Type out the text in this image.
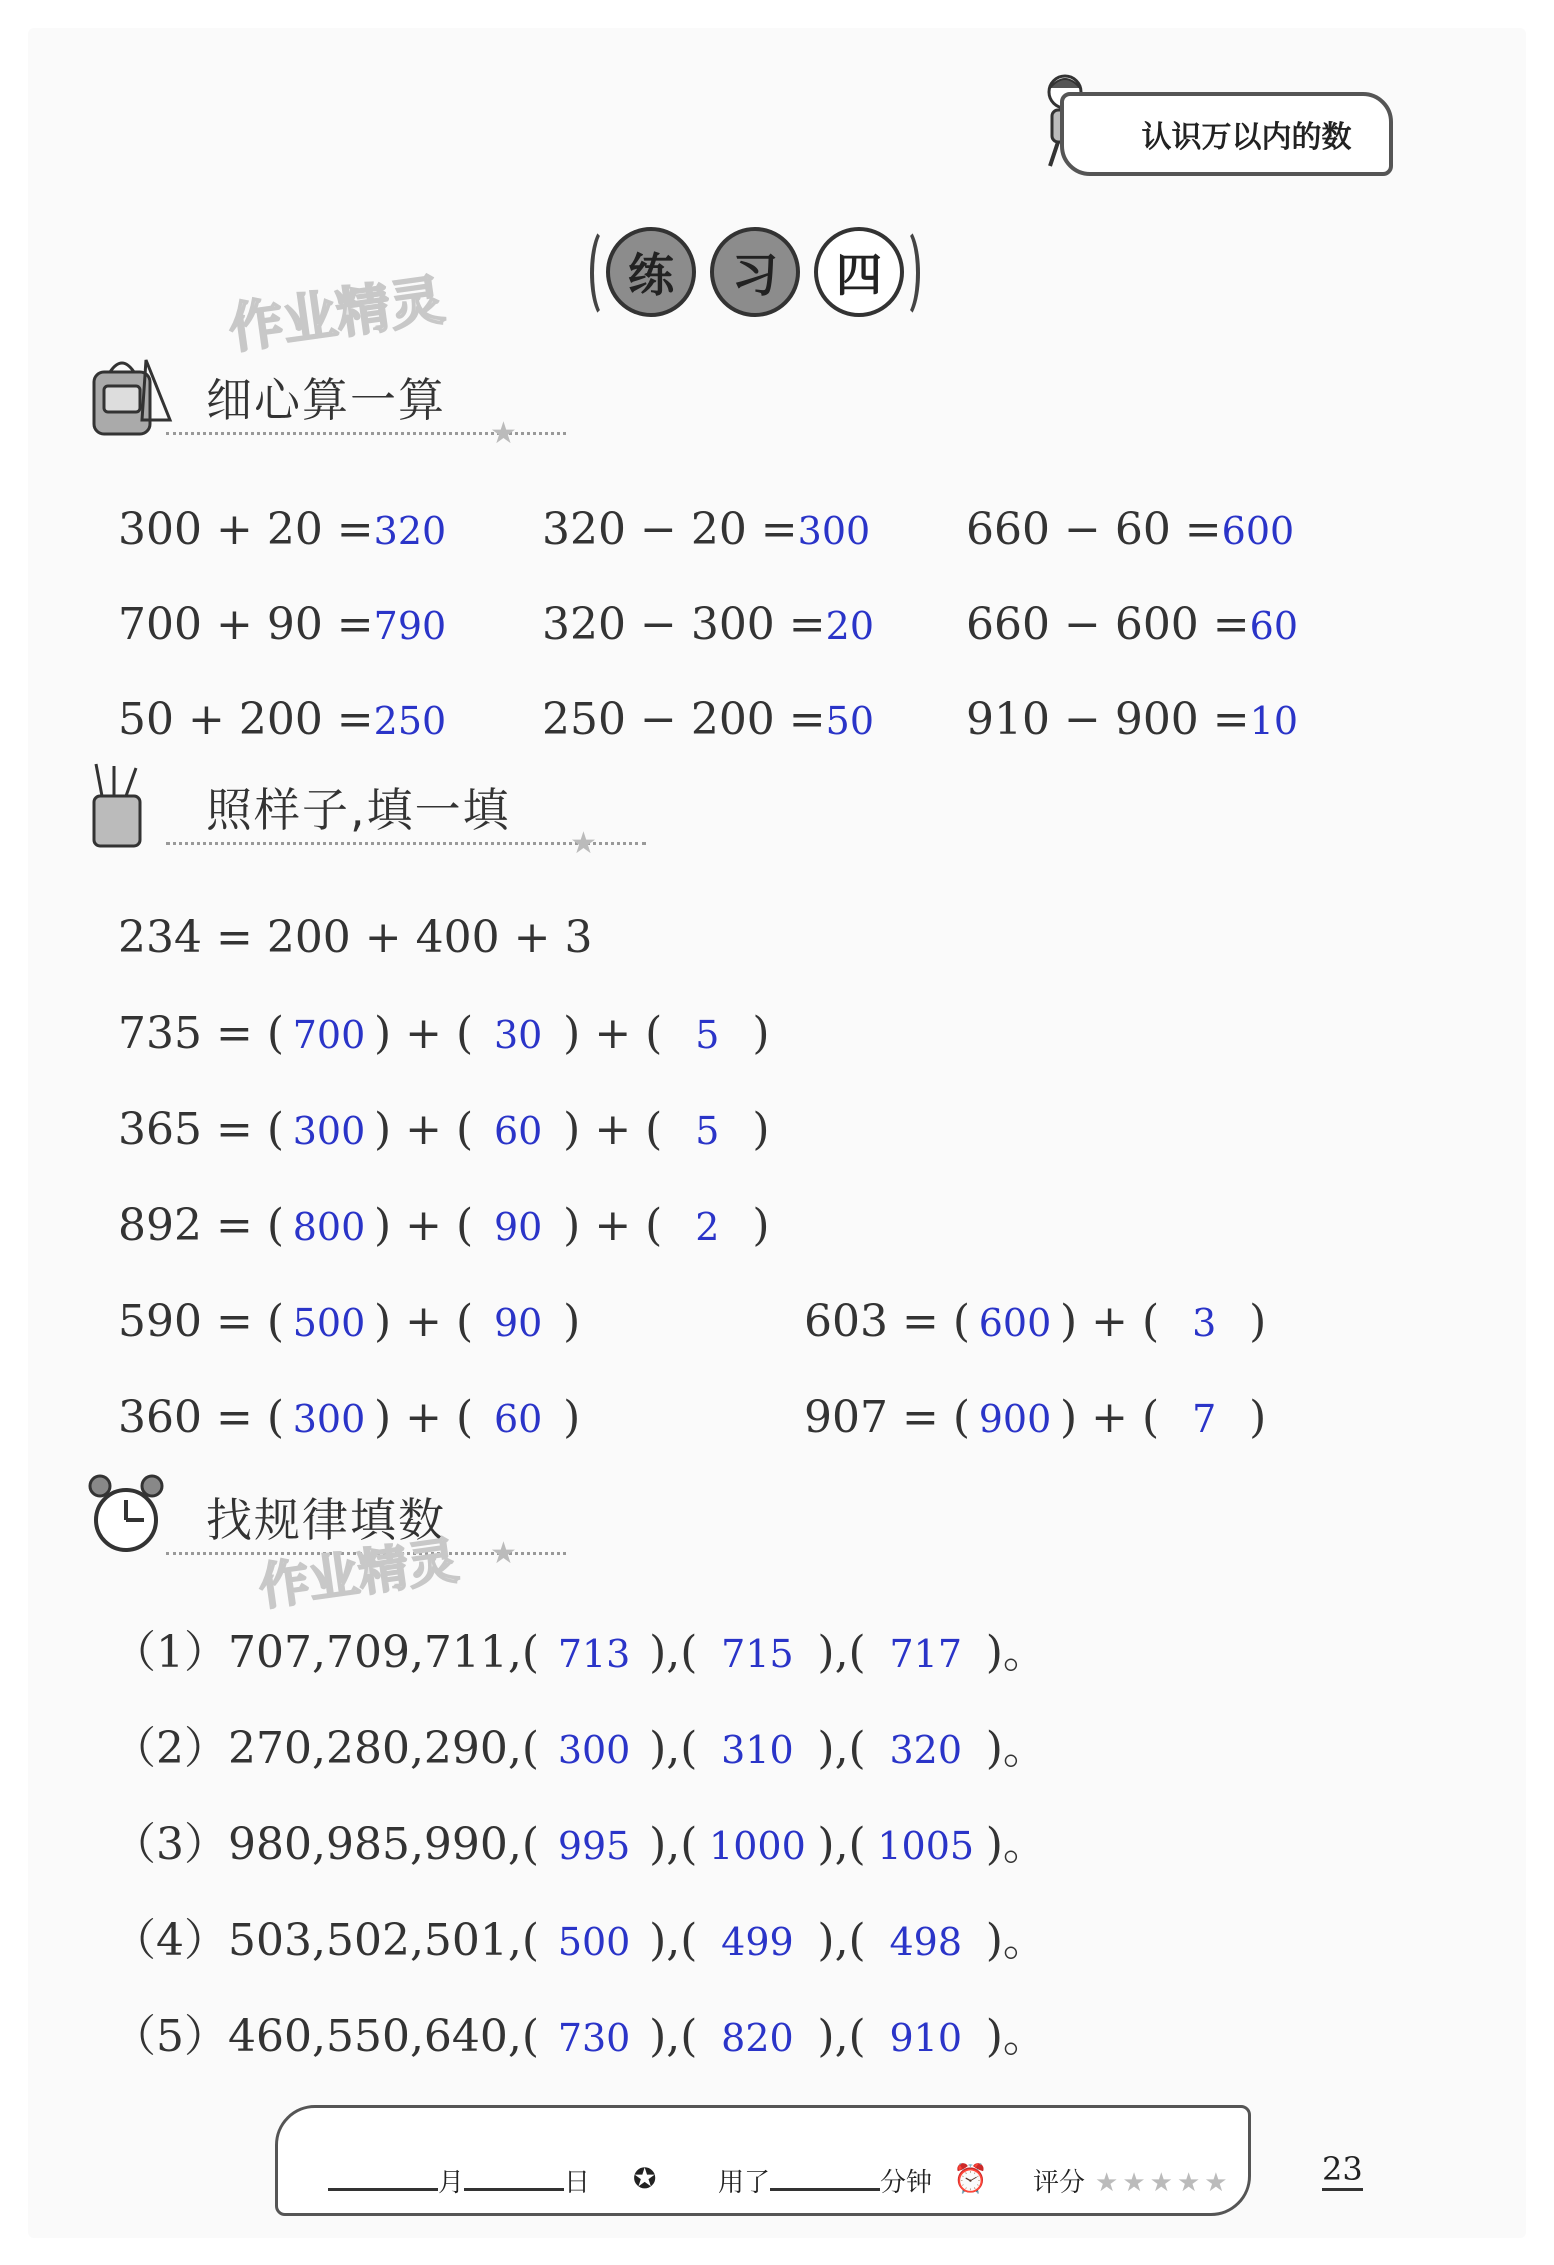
认识万以内的数
练	习	四
作业精灵
细心算一算
★
300 + 20 =320 320 − 20 =300 660 − 60 =600
700 + 90 =790 320 − 300 =20 660 − 600 =60
50 + 200 =250 250 − 200 =50 910 − 900 =10
照样子,填一填
★
234 = 200 + 400 + 3
735 = ( 700 ) + ( 30 ) + ( 5 )
365 = ( 300 ) + ( 60 ) + ( 5 )
892 = ( 800 ) + ( 90 ) + ( 2 )
590 = ( 500 ) + ( 90 )	603 = ( 600 ) + ( 3 )
360 = ( 300 ) + ( 60 )	907 = ( 900 ) + ( 7 )
找规律填数
★
作业精灵
（1）707,709,711,( 713 ),( 715 ),( 717 )。
（2）270,280,290,( 300 ),( 310 ),( 320 )。
（3）980,985,990,( 995 ),( 1000 ),( 1005 )。
（4）503,502,501,( 500 ),( 499 ),( 498 )。
（5）460,550,640,( 730 ),( 820 ),( 910 )。
月	日 ✪ 用了	分钟 ⏰ 评分 ★★★★★	23
